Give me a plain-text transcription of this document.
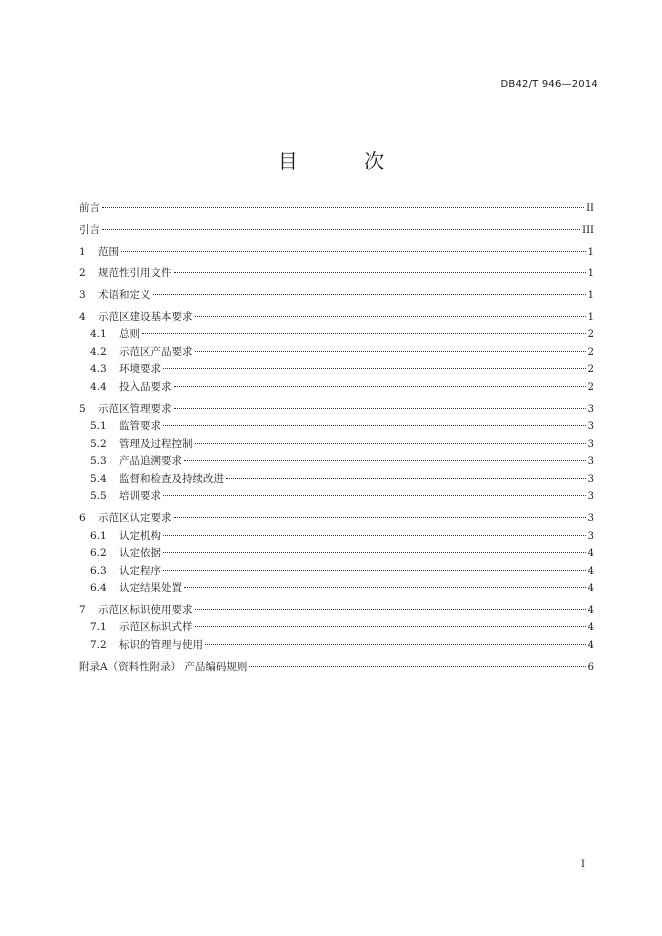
DB42/T 946—2014
目 次
前言	II
引言	III
1	范围	1
2	规范性引用文件	1
3	术语和定义	1
4	示范区建设基本要求	1
4.1	总则	2
4.2	示范区产品要求	2
4.3	环境要求	2
4.4	投入品要求	2
5	示范区管理要求	3
5.1	监管要求	3
5.2	管理及过程控制	3
5.3	产品追溯要求	3
5.4	监督和检查及持续改进	3
5.5	培训要求	3
6	示范区认定要求	3
6.1	认定机构	3
6.2	认定依据	4
6.3	认定程序	4
6.4	认定结果处置	4
7	示范区标识使用要求	4
7.1	示范区标识式样	4
7.2	标识的管理与使用	4
附录A（资料性附录） 产品编码规则	6
I
